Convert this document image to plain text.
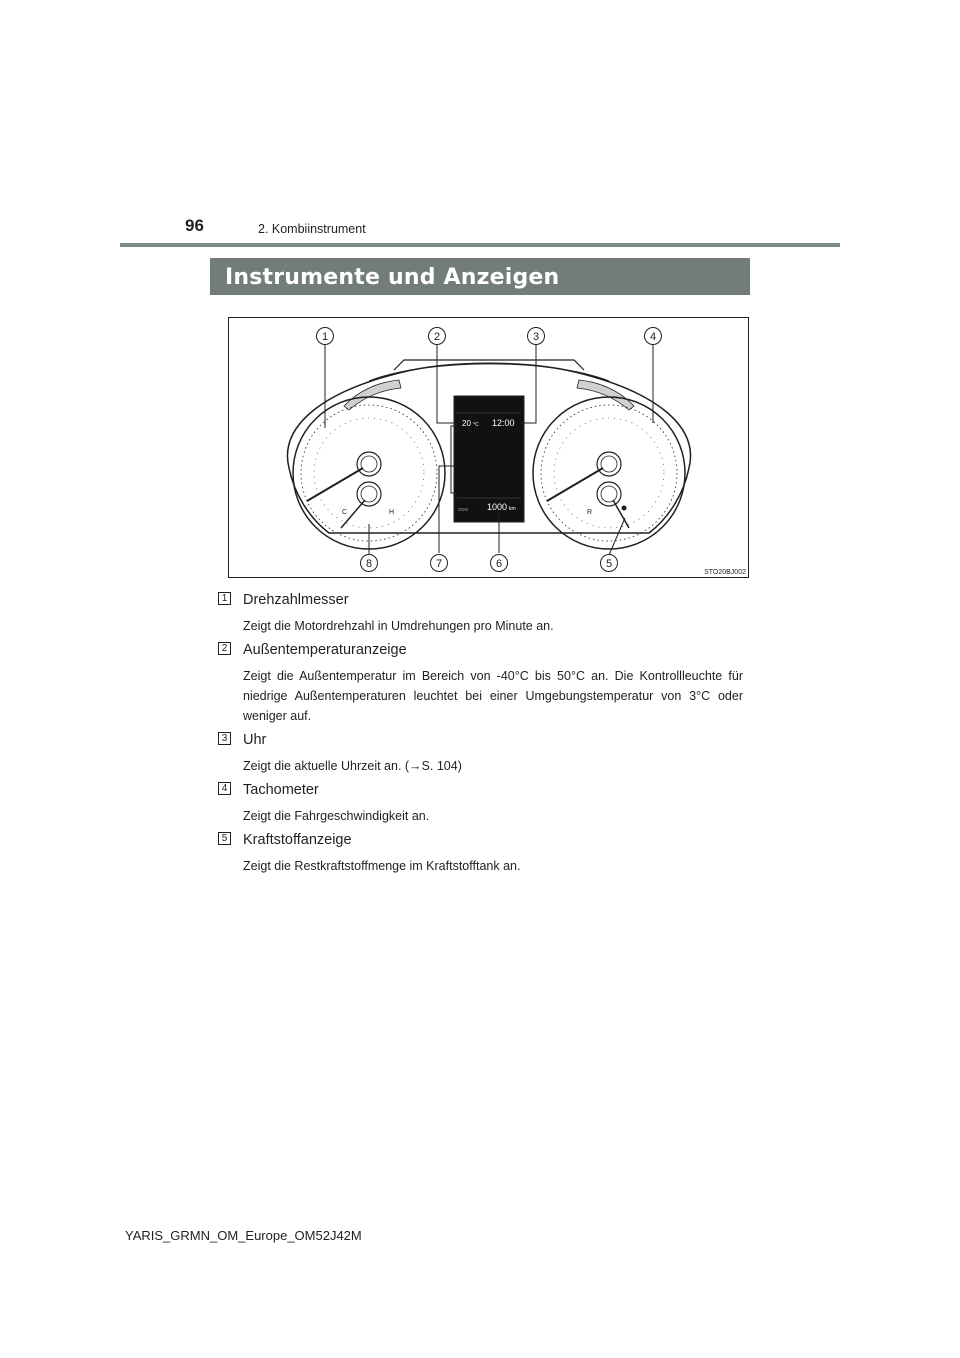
96	2. Kombiinstrument
Instrumente und Anzeigen
C	H	R
20 °C 12:00
ODO 1000 km
1	2	3	4
5
6
7
8
STO20BJ002
1 Drehzahlmesser
Zeigt die Motordrehzahl in Umdrehungen pro Minute an.
2 Außentemperaturanzeige
Zeigt die Außentemperatur im Bereich von -40°C bis 50°C an. Die Kontrollleuchte für niedrige Außentemperaturen leuchtet bei einer Umgebungstemperatur von 3°C oder weniger auf.
3 Uhr
Zeigt die aktuelle Uhrzeit an. (→S. 104)
4 Tachometer
Zeigt die Fahrgeschwindigkeit an.
5 Kraftstoffanzeige
Zeigt die Restkraftstoffmenge im Kraftstofftank an.
YARIS_GRMN_OM_Europe_OM52J42M
